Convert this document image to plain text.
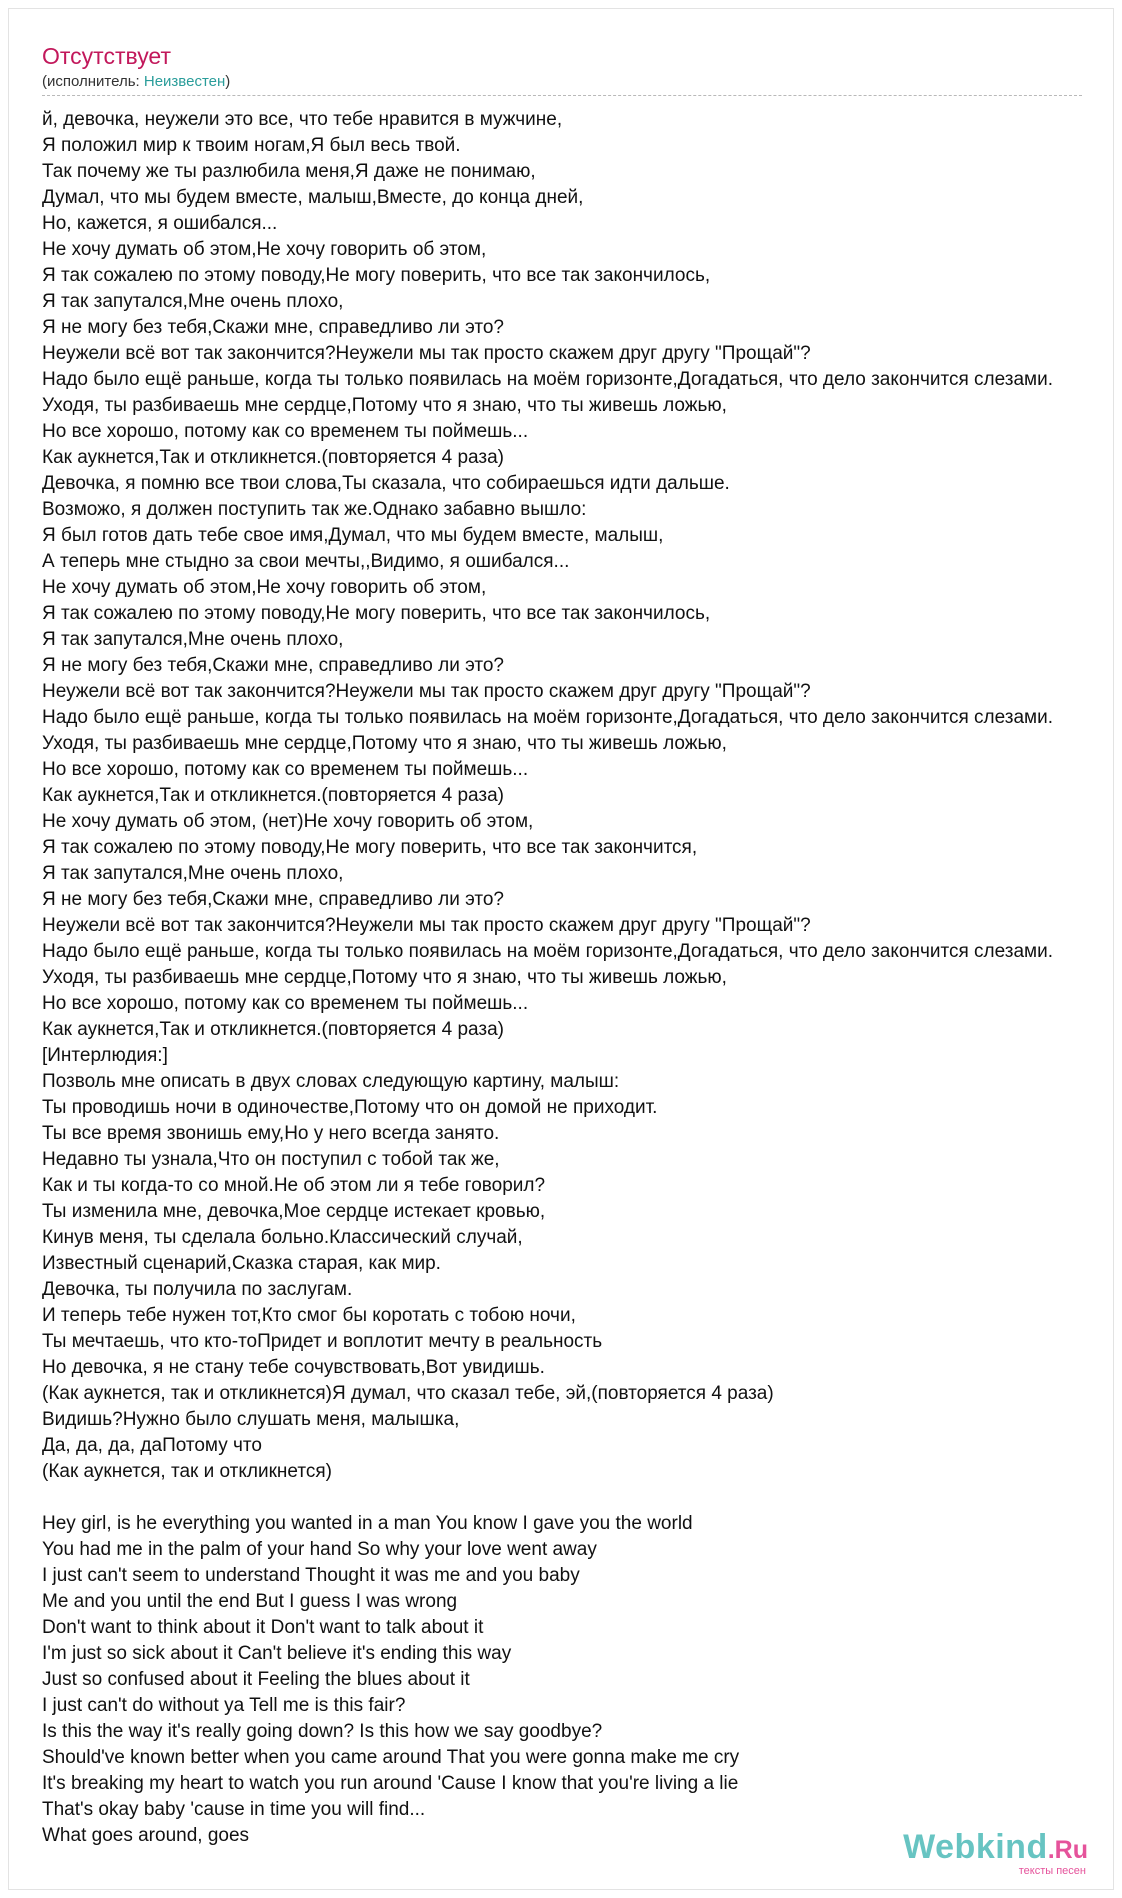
Отсутствует
(исполнитель: Неизвестен)
й, девочка, неужели это все, что тебе нравится в мужчине,
Я положил мир к твоим ногам,Я был весь твой.
Так почему же ты разлюбила меня,Я даже не понимаю,
Думал, что мы будем вместе, малыш,Вместе, до конца дней,
Но, кажется, я ошибался...
Не хочу думать об этом,Не хочу говорить об этом,
Я так сожалею по этому поводу,Не могу поверить, что все так закончилось,
Я так запутался,Мне очень плохо,
Я не могу без тебя,Скажи мне, справедливо ли это?
Неужели всё вот так закончится?Неужели мы так просто скажем друг другу "Прощай"?
Надо было ещё раньше, когда ты только появилась на моём горизонте,Догадаться, что дело закончится слезами.
Уходя, ты разбиваешь мне сердце,Потому что я знаю, что ты живешь ложью,
Но все хорошо, потому как со временем ты поймешь...
Как аукнется,Так и откликнется.(повторяется 4 раза)
Девочка, я помню все твои слова,Ты сказала, что собираешься идти дальше.
Возможо, я должен поступить так же.Однако забавно вышло:
Я был готов дать тебе свое имя,Думал, что мы будем вместе, малыш,
А теперь мне стыдно за свои мечты,,Видимо, я ошибался...
Не хочу думать об этом,Не хочу говорить об этом,
Я так сожалею по этому поводу,Не могу поверить, что все так закончилось,
Я так запутался,Мне очень плохо,
Я не могу без тебя,Скажи мне, справедливо ли это?
Неужели всё вот так закончится?Неужели мы так просто скажем друг другу "Прощай"?
Надо было ещё раньше, когда ты только появилась на моём горизонте,Догадаться, что дело закончится слезами.
Уходя, ты разбиваешь мне сердце,Потому что я знаю, что ты живешь ложью,
Но все хорошо, потому как со временем ты поймешь...
Как аукнется,Так и откликнется.(повторяется 4 раза)
Не хочу думать об этом, (нет)Не хочу говорить об этом,
Я так сожалею по этому поводу,Не могу поверить, что все так закончится,
Я так запутался,Мне очень плохо,
Я не могу без тебя,Скажи мне, справедливо ли это?
Неужели всё вот так закончится?Неужели мы так просто скажем друг другу "Прощай"?
Надо было ещё раньше, когда ты только появилась на моём горизонте,Догадаться, что дело закончится слезами.
Уходя, ты разбиваешь мне сердце,Потому что я знаю, что ты живешь ложью,
Но все хорошо, потому как со временем ты поймешь...
Как аукнется,Так и откликнется.(повторяется 4 раза)
[Интерлюдия:]
Позволь мне описать в двух словах следующую картину, малыш:
Ты проводишь ночи в одиночестве,Потому что он домой не приходит.
Ты все время звонишь ему,Но у него всегда занято.
Недавно ты узнала,Что он поступил с тобой так же,
Как и ты когда-то со мной.Не об этом ли я тебе говорил?
Ты изменила мне, девочка,Мое сердце истекает кровью,
Кинув меня, ты сделала больно.Классический случай,
Известный сценарий,Сказка старая, как мир.
Девочка, ты получила по заслугам.
И теперь тебе нужен тот,Кто смог бы коротать с тобою ночи,
Ты мечтаешь, что кто-тоПридет и воплотит мечту в реальность
Но девочка, я не стану тебе сочувствовать,Вот увидишь.
(Как аукнется, так и откликнется)Я думал, что сказал тебе, эй,(повторяется 4 раза)
Видишь?Нужно было слушать меня, малышка,
Да, да, да, даПотому что
(Как аукнется, так и откликнется)

Hey girl, is he everything you wanted in a man You know I gave you the world
You had me in the palm of your hand So why your love went away
I just can't seem to understand Thought it was me and you baby
Me and you until the end But I guess I was wrong
Don't want to think about it Don't want to talk about it
I'm just so sick about it Can't believe it's ending this way
Just so confused about it Feeling the blues about it
I just can't do without ya Tell me is this fair?
Is this the way it's really going down? Is this how we say goodbye?
Should've known better when you came around That you were gonna make me cry
It's breaking my heart to watch you run around 'Cause I know that you're living a lie
That's okay baby 'cause in time you will find...
What goes around, goes	Webkind.Ru
тексты песен
